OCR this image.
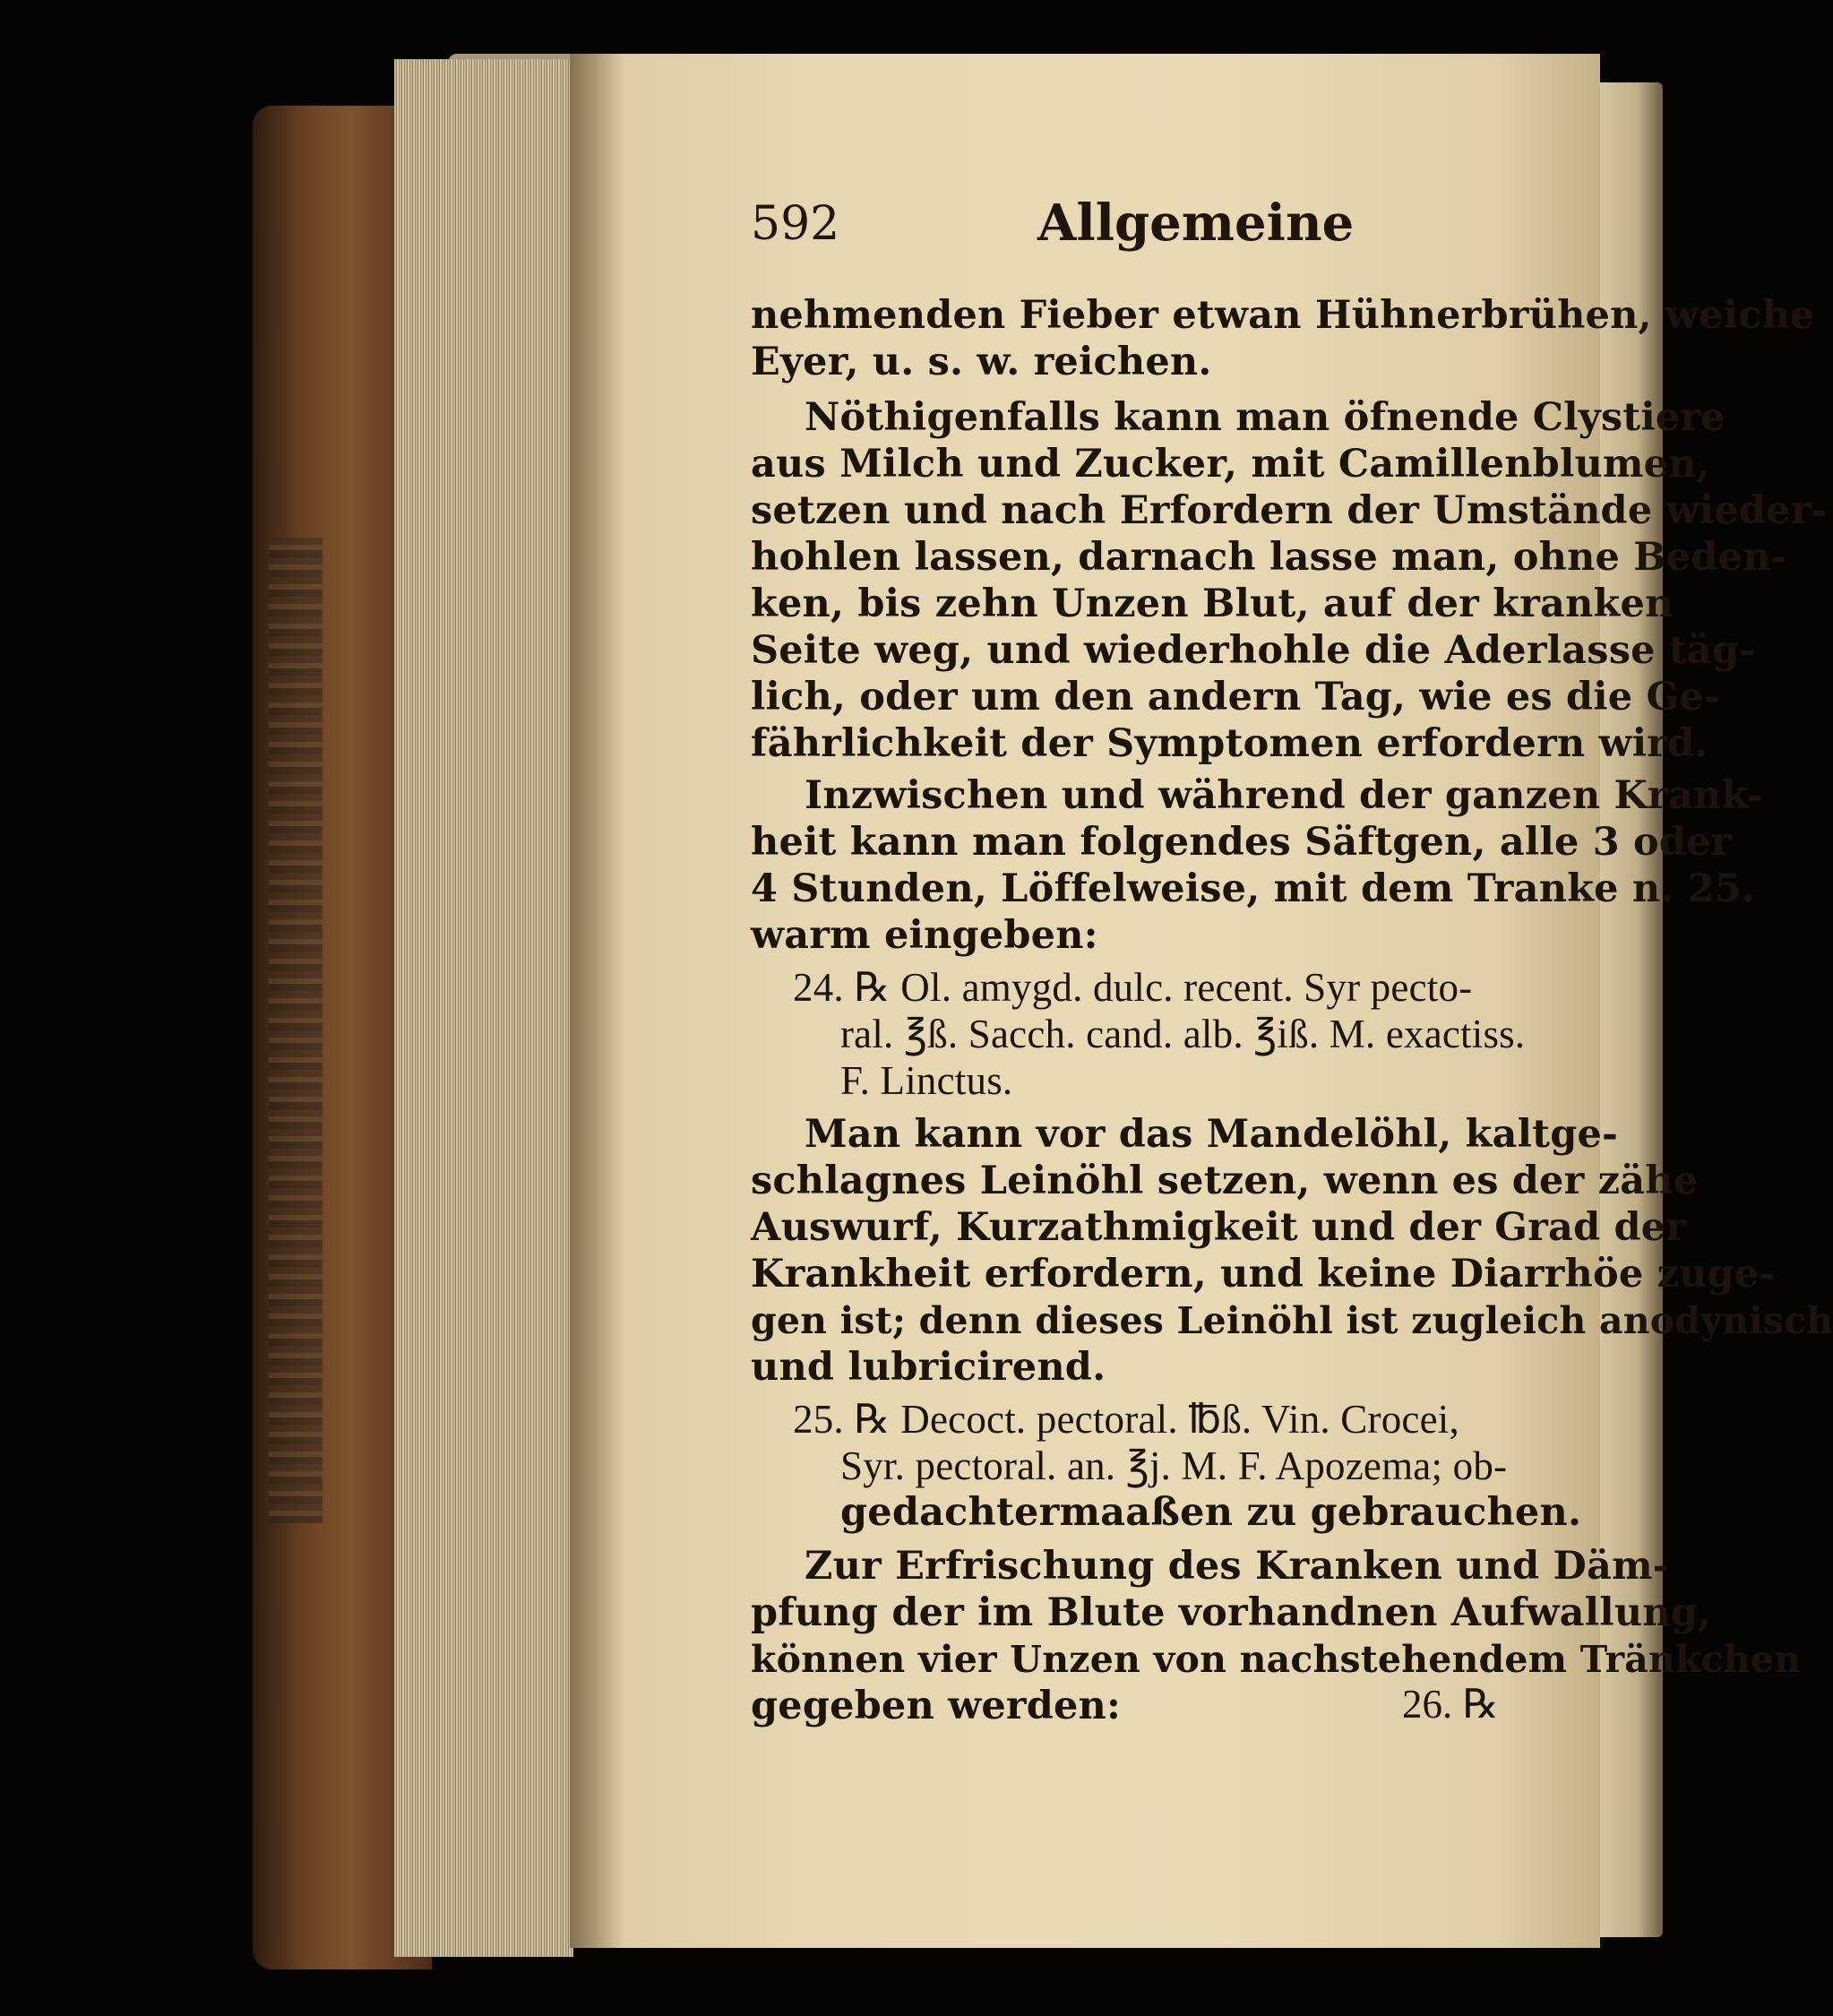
592	Allgemeine
nehmenden Fieber etwan Hühnerbrühen, weiche
Eyer, u. s. w. reichen.
Nöthigenfalls kann man öfnende Clystiere
aus Milch und Zucker, mit Camillenblumen,
setzen und nach Erfordern der Umstände wieder-
hohlen lassen, darnach lasse man, ohne Beden-
ken, bis zehn Unzen Blut, auf der kranken
Seite weg, und wiederhohle die Aderlasse täg-
lich, oder um den andern Tag, wie es die Ge-
fährlichkeit der Symptomen erfordern wird.
Inzwischen und während der ganzen Krank-
heit kann man folgendes Säftgen, alle 3 oder
4 Stunden, Löffelweise, mit dem Tranke n. 25.
warm eingeben:
24. ℞ Ol. amygd. dulc. recent. Syr pecto-
ral. ℥ß. Sacch. cand. alb. ℥iß. M. exactiss.
F. Linctus.
Man kann vor das Mandelöhl, kaltge-
schlagnes Leinöhl setzen, wenn es der zähe
Auswurf, Kurzathmigkeit und der Grad der
Krankheit erfordern, und keine Diarrhöe zuge-
gen ist; denn dieses Leinöhl ist zugleich anodynisch
und lubricirend.
25. ℞ Decoct. pectoral. ℔ß. Vin. Crocei,
Syr. pectoral. an. ℥j. M. F. Apozema; ob-
gedachtermaaßen zu gebrauchen.
Zur Erfrischung des Kranken und Däm-
pfung der im Blute vorhandnen Aufwallung,
können vier Unzen von nachstehendem Tränkchen
gegeben werden:	26. ℞
